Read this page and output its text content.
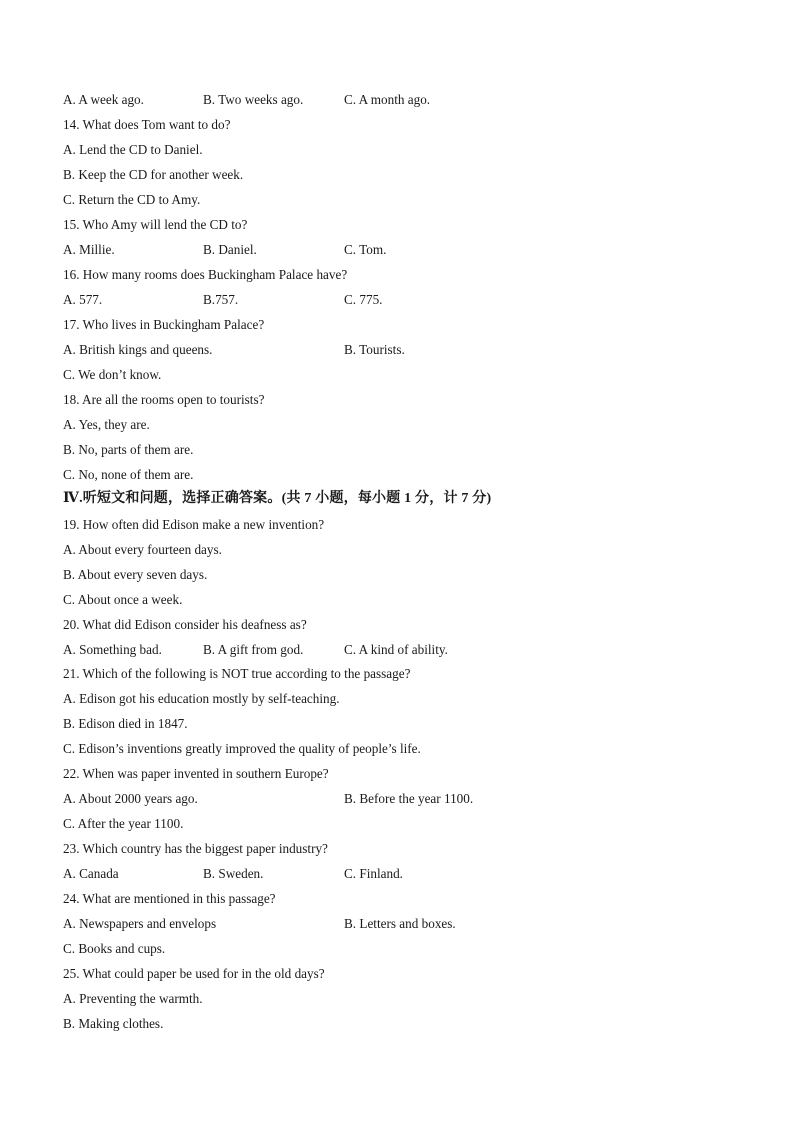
A. A week ago.	B. Two weeks ago.	C. A month ago.
14. What does Tom want to do?
A. Lend the CD to Daniel.
B. Keep the CD for another week.
C. Return the CD to Amy.
15. Who Amy will lend the CD to?
A. Millie.	B. Daniel.	C. Tom.
16. How many rooms does Buckingham Palace have?
A. 577.	B.757.	C. 775.
17. Who lives in Buckingham Palace?
A. British kings and queens.	B. Tourists.
C. We don’t know.
18. Are all the rooms open to tourists?
A. Yes, they are.
B. No, parts of them are.
C. No, none of them are.
Ⅳ.听短文和问题，选择正确答案。(共 7 小题，每小题 1 分，计 7 分)
19. How often did Edison make a new invention?
A. About every fourteen days.
B. About every seven days.
C. About once a week.
20. What did Edison consider his deafness as?
A. Something bad.	B. A gift from god.	C. A kind of ability.
21. Which of the following is NOT true according to the passage?
A. Edison got his education mostly by self-teaching.
B. Edison died in 1847.
C. Edison’s inventions greatly improved the quality of people’s life.
22. When was paper invented in southern Europe?
A. About 2000 years ago.	B. Before the year 1100.
C. After the year 1100.
23. Which country has the biggest paper industry?
A. Canada	B. Sweden.	C. Finland.
24. What are mentioned in this passage?
A. Newspapers and envelops	B. Letters and boxes.
C. Books and cups.
25. What could paper be used for in the old days?
A. Preventing the warmth.
B. Making clothes.
